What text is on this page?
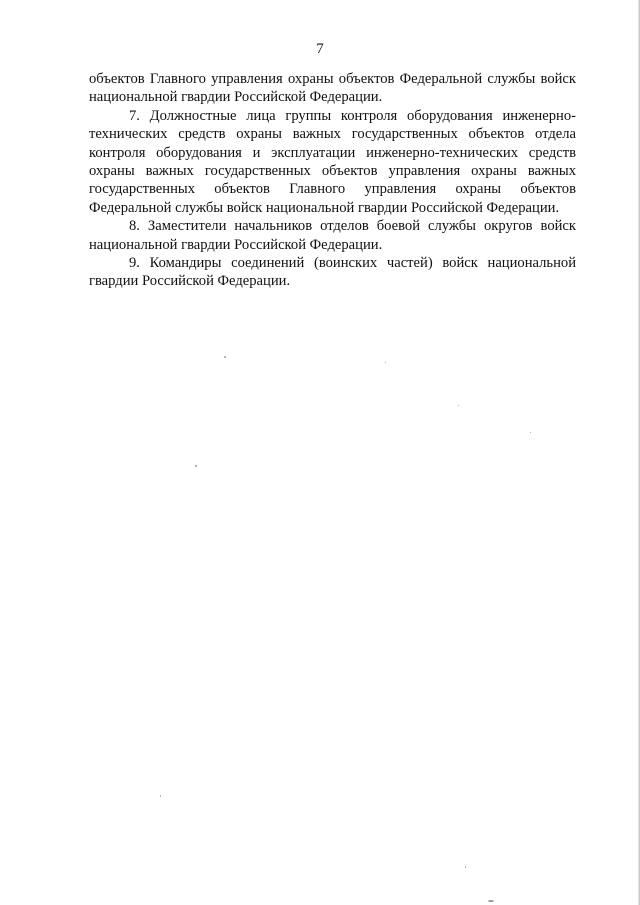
7

объектов Главного управления охраны объектов Федеральной службы войск национальной гвардии Российской Федерации.

7. Должностные лица группы контроля оборудования инженерно-технических средств охраны важных государственных объектов отдела контроля оборудования и эксплуатации инженерно-технических средств охраны важных государственных объектов управления охраны важных государственных объектов Главного управления охраны объектов Федеральной службы войск национальной гвардии Российской Федерации.

8. Заместители начальников отделов боевой службы округов войск национальной гвардии Российской Федерации.

9. Командиры соединений (воинских частей) войск национальной гвардии Российской Федерации.
